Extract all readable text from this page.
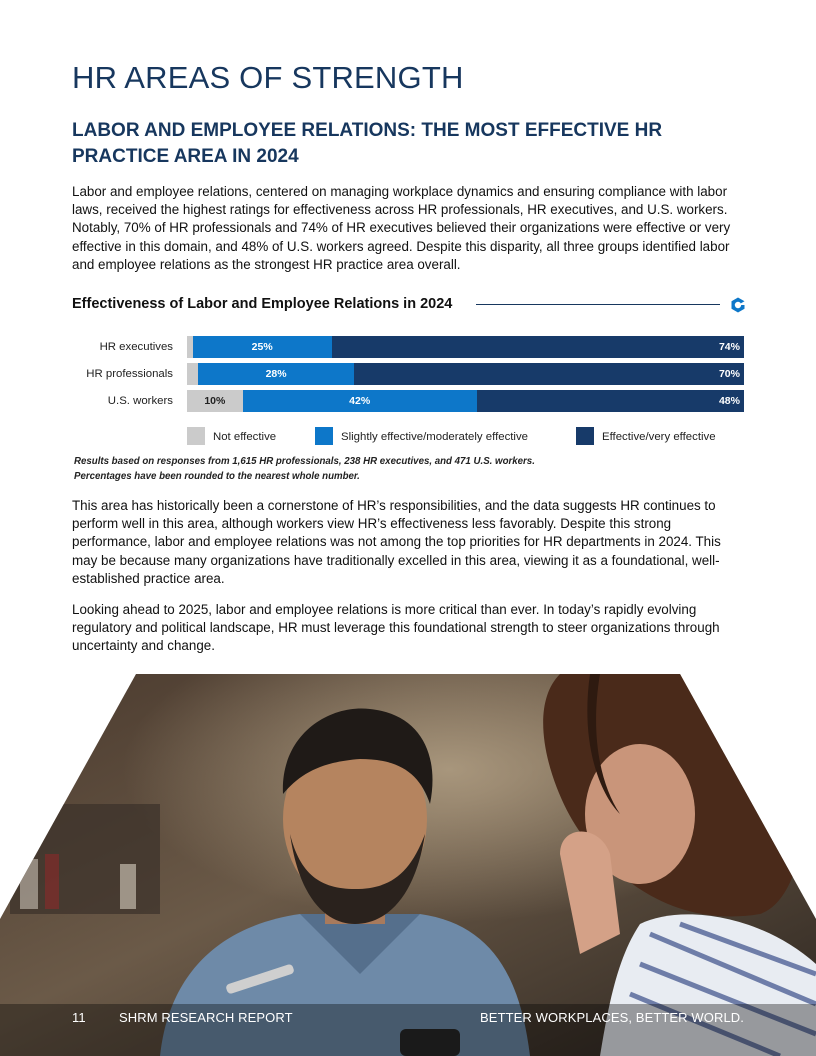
HR AREAS OF STRENGTH
LABOR AND EMPLOYEE RELATIONS: THE MOST EFFECTIVE HR PRACTICE AREA IN 2024

Labor and employee relations, centered on managing workplace dynamics and ensuring compliance with labor laws, received the highest ratings for effectiveness across HR professionals, HR executives, and U.S. workers. Notably, 70% of HR professionals and 74% of HR executives believed their organizations were effective or very effective in this domain, and 48% of U.S. workers agreed. Despite this disparity, all three groups identified labor and employee relations as the strongest HR practice area overall.

Effectiveness of Labor and Employee Relations in 2024
HR executives	25%	74%
HR professionals	28%	70%
U.S. workers	10%	42%	48%
Not effective	Slightly effective/moderately effective	Effective/very effective

Results based on responses from 1,615 HR professionals, 238 HR executives, and 471 U.S. workers.
Percentages have been rounded to the nearest whole number.

This area has historically been a cornerstone of HR’s responsibilities, and the data suggests HR continues to perform well in this area, although workers view HR’s effectiveness less favorably. Despite this strong performance, labor and employee relations was not among the top priorities for HR departments in 2024. This may be because many organizations have traditionally excelled in this area, viewing it as a foundational, well-established practice area.

Looking ahead to 2025, labor and employee relations is more critical than ever. In today’s rapidly evolving regulatory and political landscape, HR must leverage this foundational strength to steer organizations through uncertainty and change.

11	SHRM RESEARCH REPORT	BETTER WORKPLACES, BETTER WORLD.
